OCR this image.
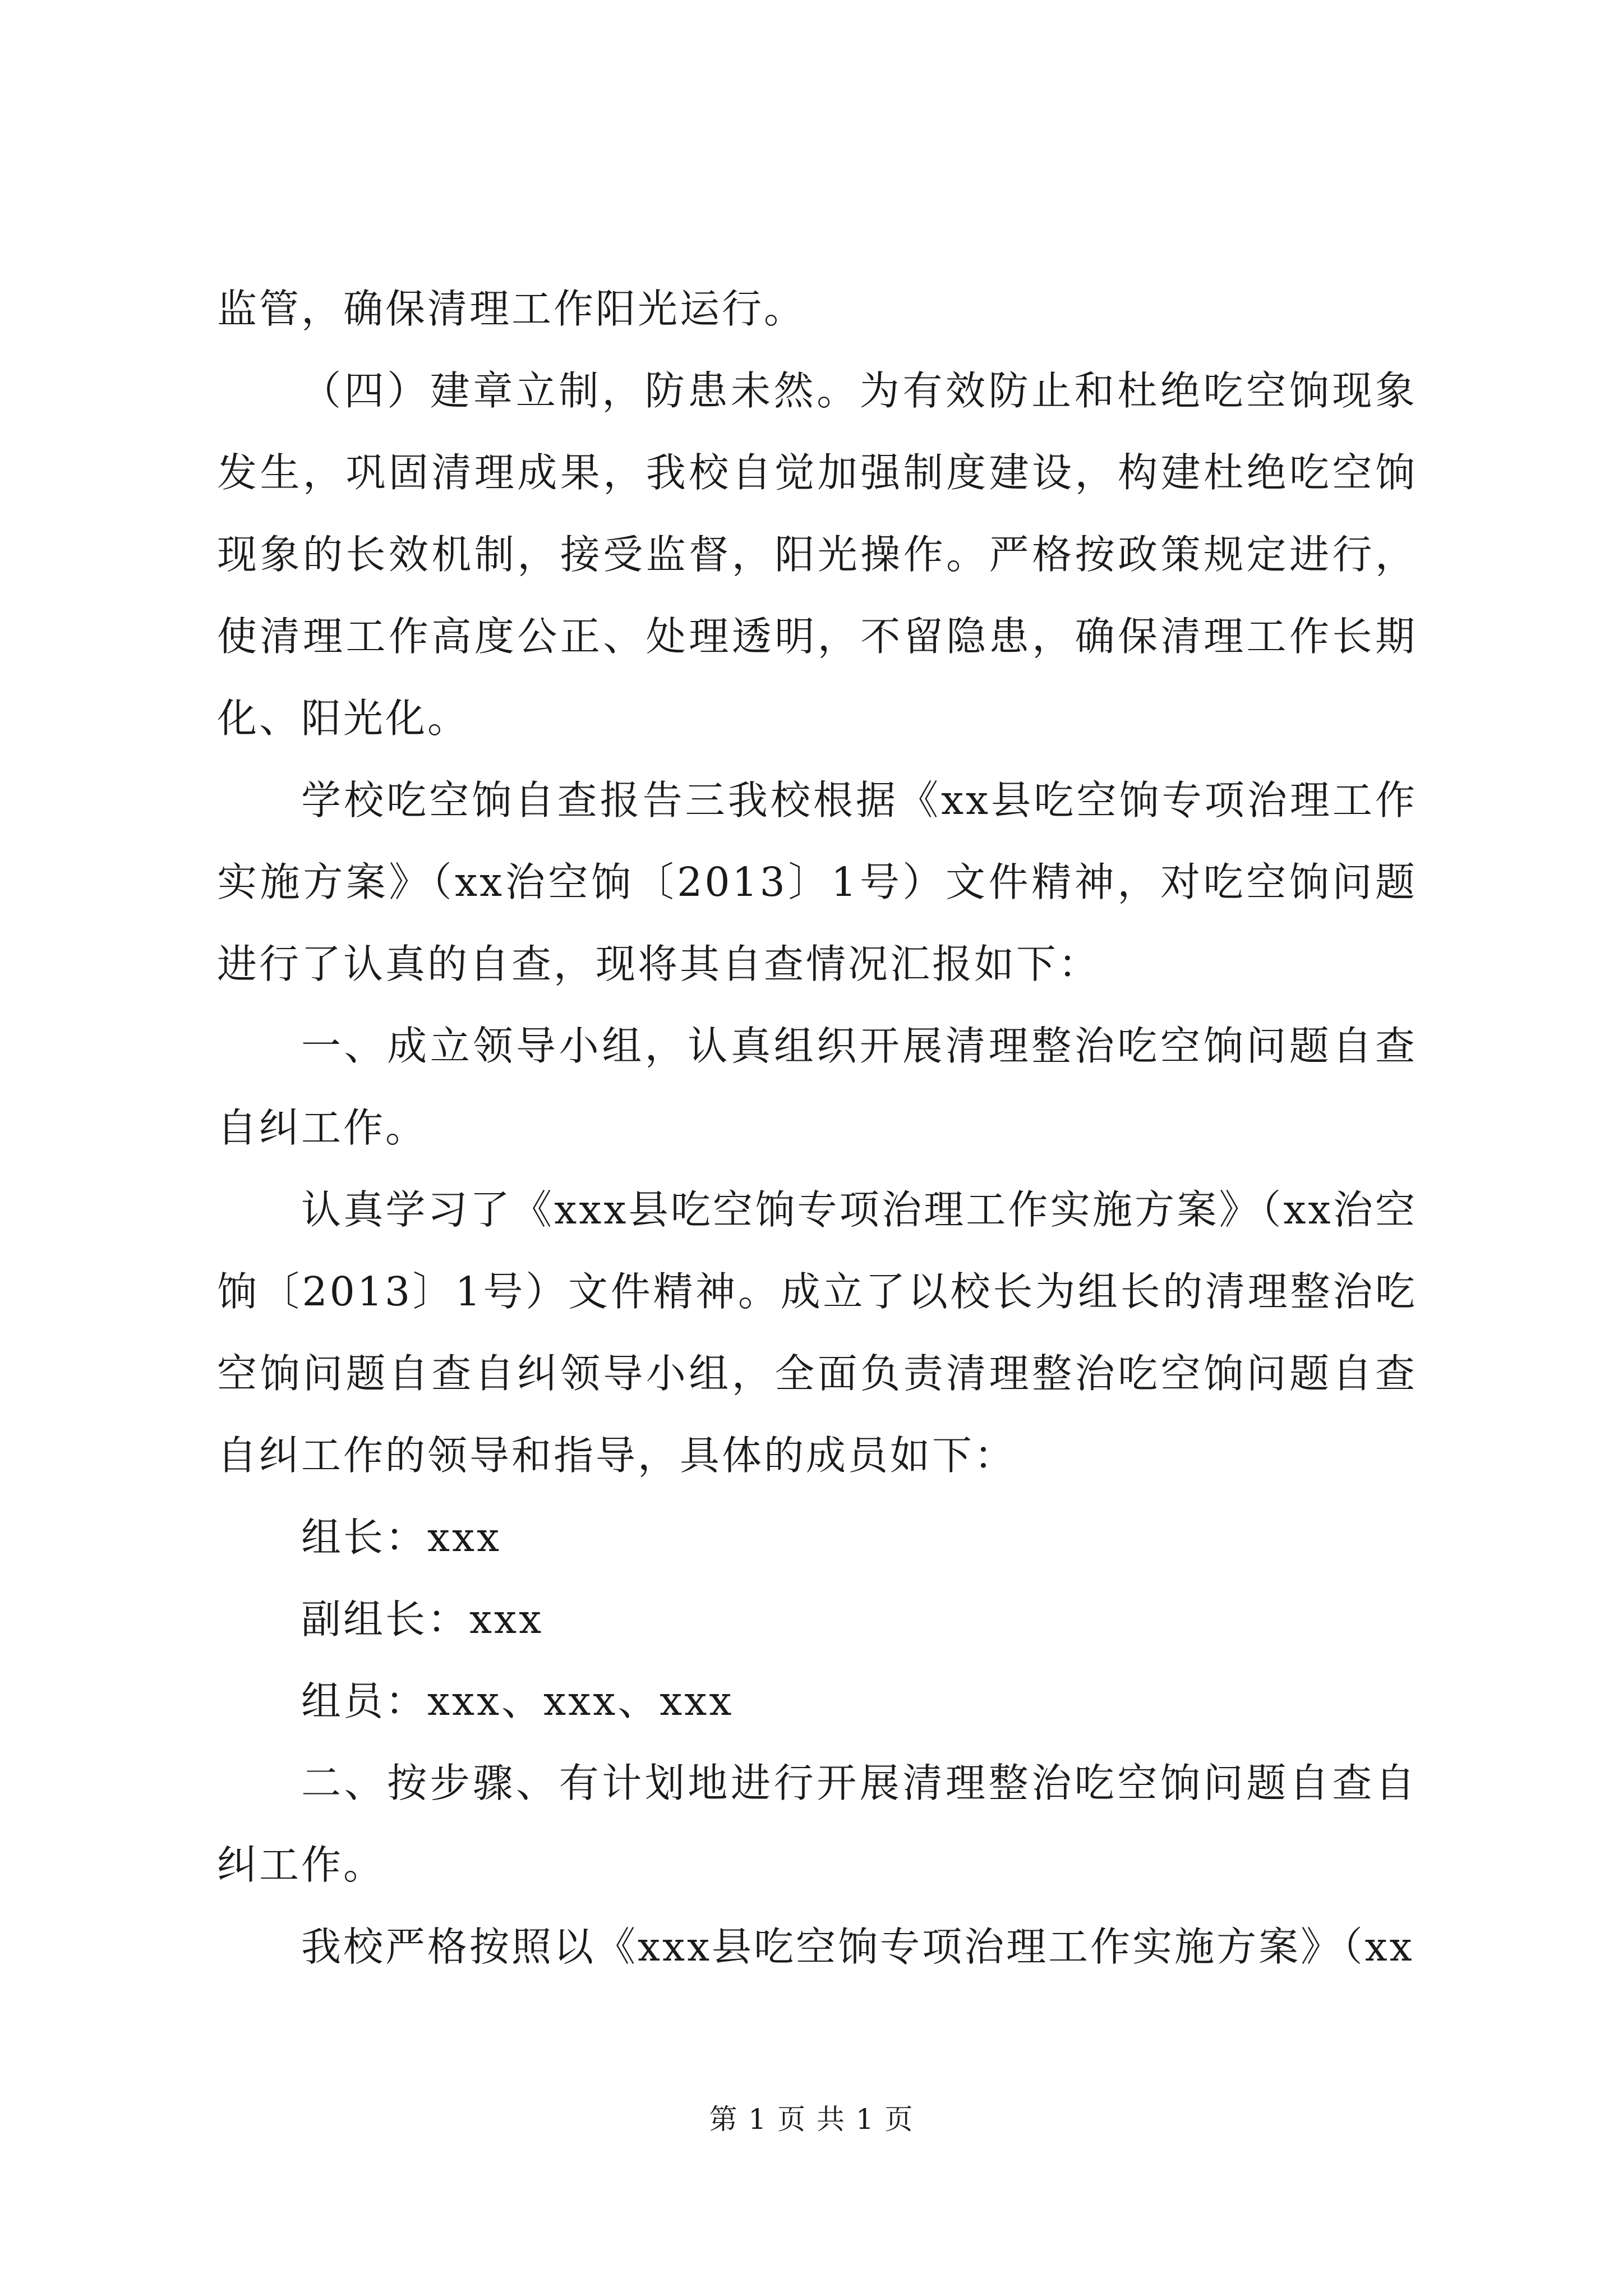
监管，确保清理工作阳光运行。

（四）建章立制，防患未然。为有效防止和杜绝吃空饷现象发生，巩固清理成果，我校自觉加强制度建设，构建杜绝吃空饷现象的长效机制，接受监督，阳光操作。严格按政策规定进行，使清理工作高度公正、处理透明，不留隐患，确保清理工作长期化、阳光化。

学校吃空饷自查报告三我校根据《xx县吃空饷专项治理工作实施方案》（xx治空饷〔2013〕1号）文件精神，对吃空饷问题进行了认真的自查，现将其自查情况汇报如下：

一、成立领导小组，认真组织开展清理整治吃空饷问题自查自纠工作。

认真学习了《xxx县吃空饷专项治理工作实施方案》（xx治空饷〔2013〕1号）文件精神。成立了以校长为组长的清理整治吃空饷问题自查自纠领导小组，全面负责清理整治吃空饷问题自查自纠工作的领导和指导，具体的成员如下：

组长：xxx

副组长：xxx

组员：xxx、xxx、xxx

二、按步骤、有计划地进行开展清理整治吃空饷问题自查自纠工作。

我校严格按照以《xxx县吃空饷专项治理工作实施方案》（xx

第 1 页 共 1 页
